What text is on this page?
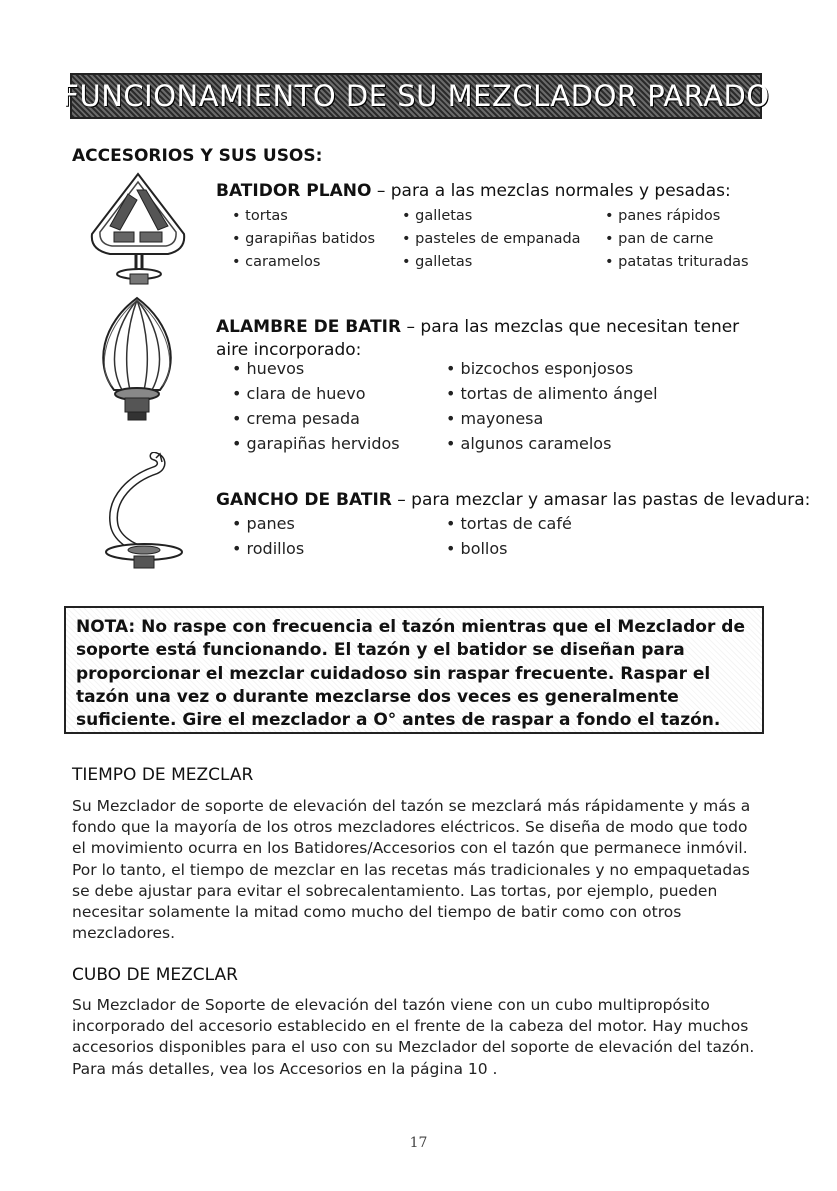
FUNCIONAMIENTO DE SU MEZCLADOR PARADO
ACCESORIOS Y SUS USOS:
BATIDOR PLANO – para a las mezclas normales y pesadas:
• tortas	• galletas	• panes rápidos
• garapiñas batidos	• pasteles de empanada	• pan de carne
• caramelos	• galletas	• patatas trituradas
ALAMBRE DE BATIR – para las mezclas que necesitan tener
aire incorporado:
• huevos	• bizcochos esponjosos
• clara de huevo	• tortas de alimento ángel
• crema pesada	• mayonesa
• garapiñas hervidos	• algunos caramelos
GANCHO DE BATIR – para mezclar y amasar las pastas de levadura:
• panes	• tortas de café
• rodillos	• bollos

NOTA: No raspe con frecuencia el tazón mientras que el Mezclador de soporte está funcionando. El tazón y el batidor se diseñan para proporcionar el mezclar cuidadoso sin raspar frecuente. Raspar el tazón una vez o durante mezclarse dos veces es generalmente suficiente. Gire el mezclador a O° antes de raspar a fondo el tazón.

TIEMPO DE MEZCLAR

Su Mezclador de soporte de elevación del tazón se mezclará más rápidamente y más a fondo que la mayoría de los otros mezcladores eléctricos. Se diseña de modo que todo el movimiento ocurra en los Batidores/Accesorios con el tazón que permanece inmóvil. Por lo tanto, el tiempo de mezclar en las recetas más tradicionales y no empaquetadas se debe ajustar para evitar el sobrecalentamiento. Las tortas, por ejemplo, pueden necesitar solamente la mitad como mucho del tiempo de batir como con otros mezcladores.

CUBO DE MEZCLAR

Su Mezclador de Soporte de elevación del tazón viene con un cubo multipropósito incorporado del accesorio establecido en el frente de la cabeza del motor. Hay muchos accesorios disponibles para el uso con su Mezclador del soporte de elevación del tazón. Para más detalles, vea los Accesorios en la página 10 .

17
